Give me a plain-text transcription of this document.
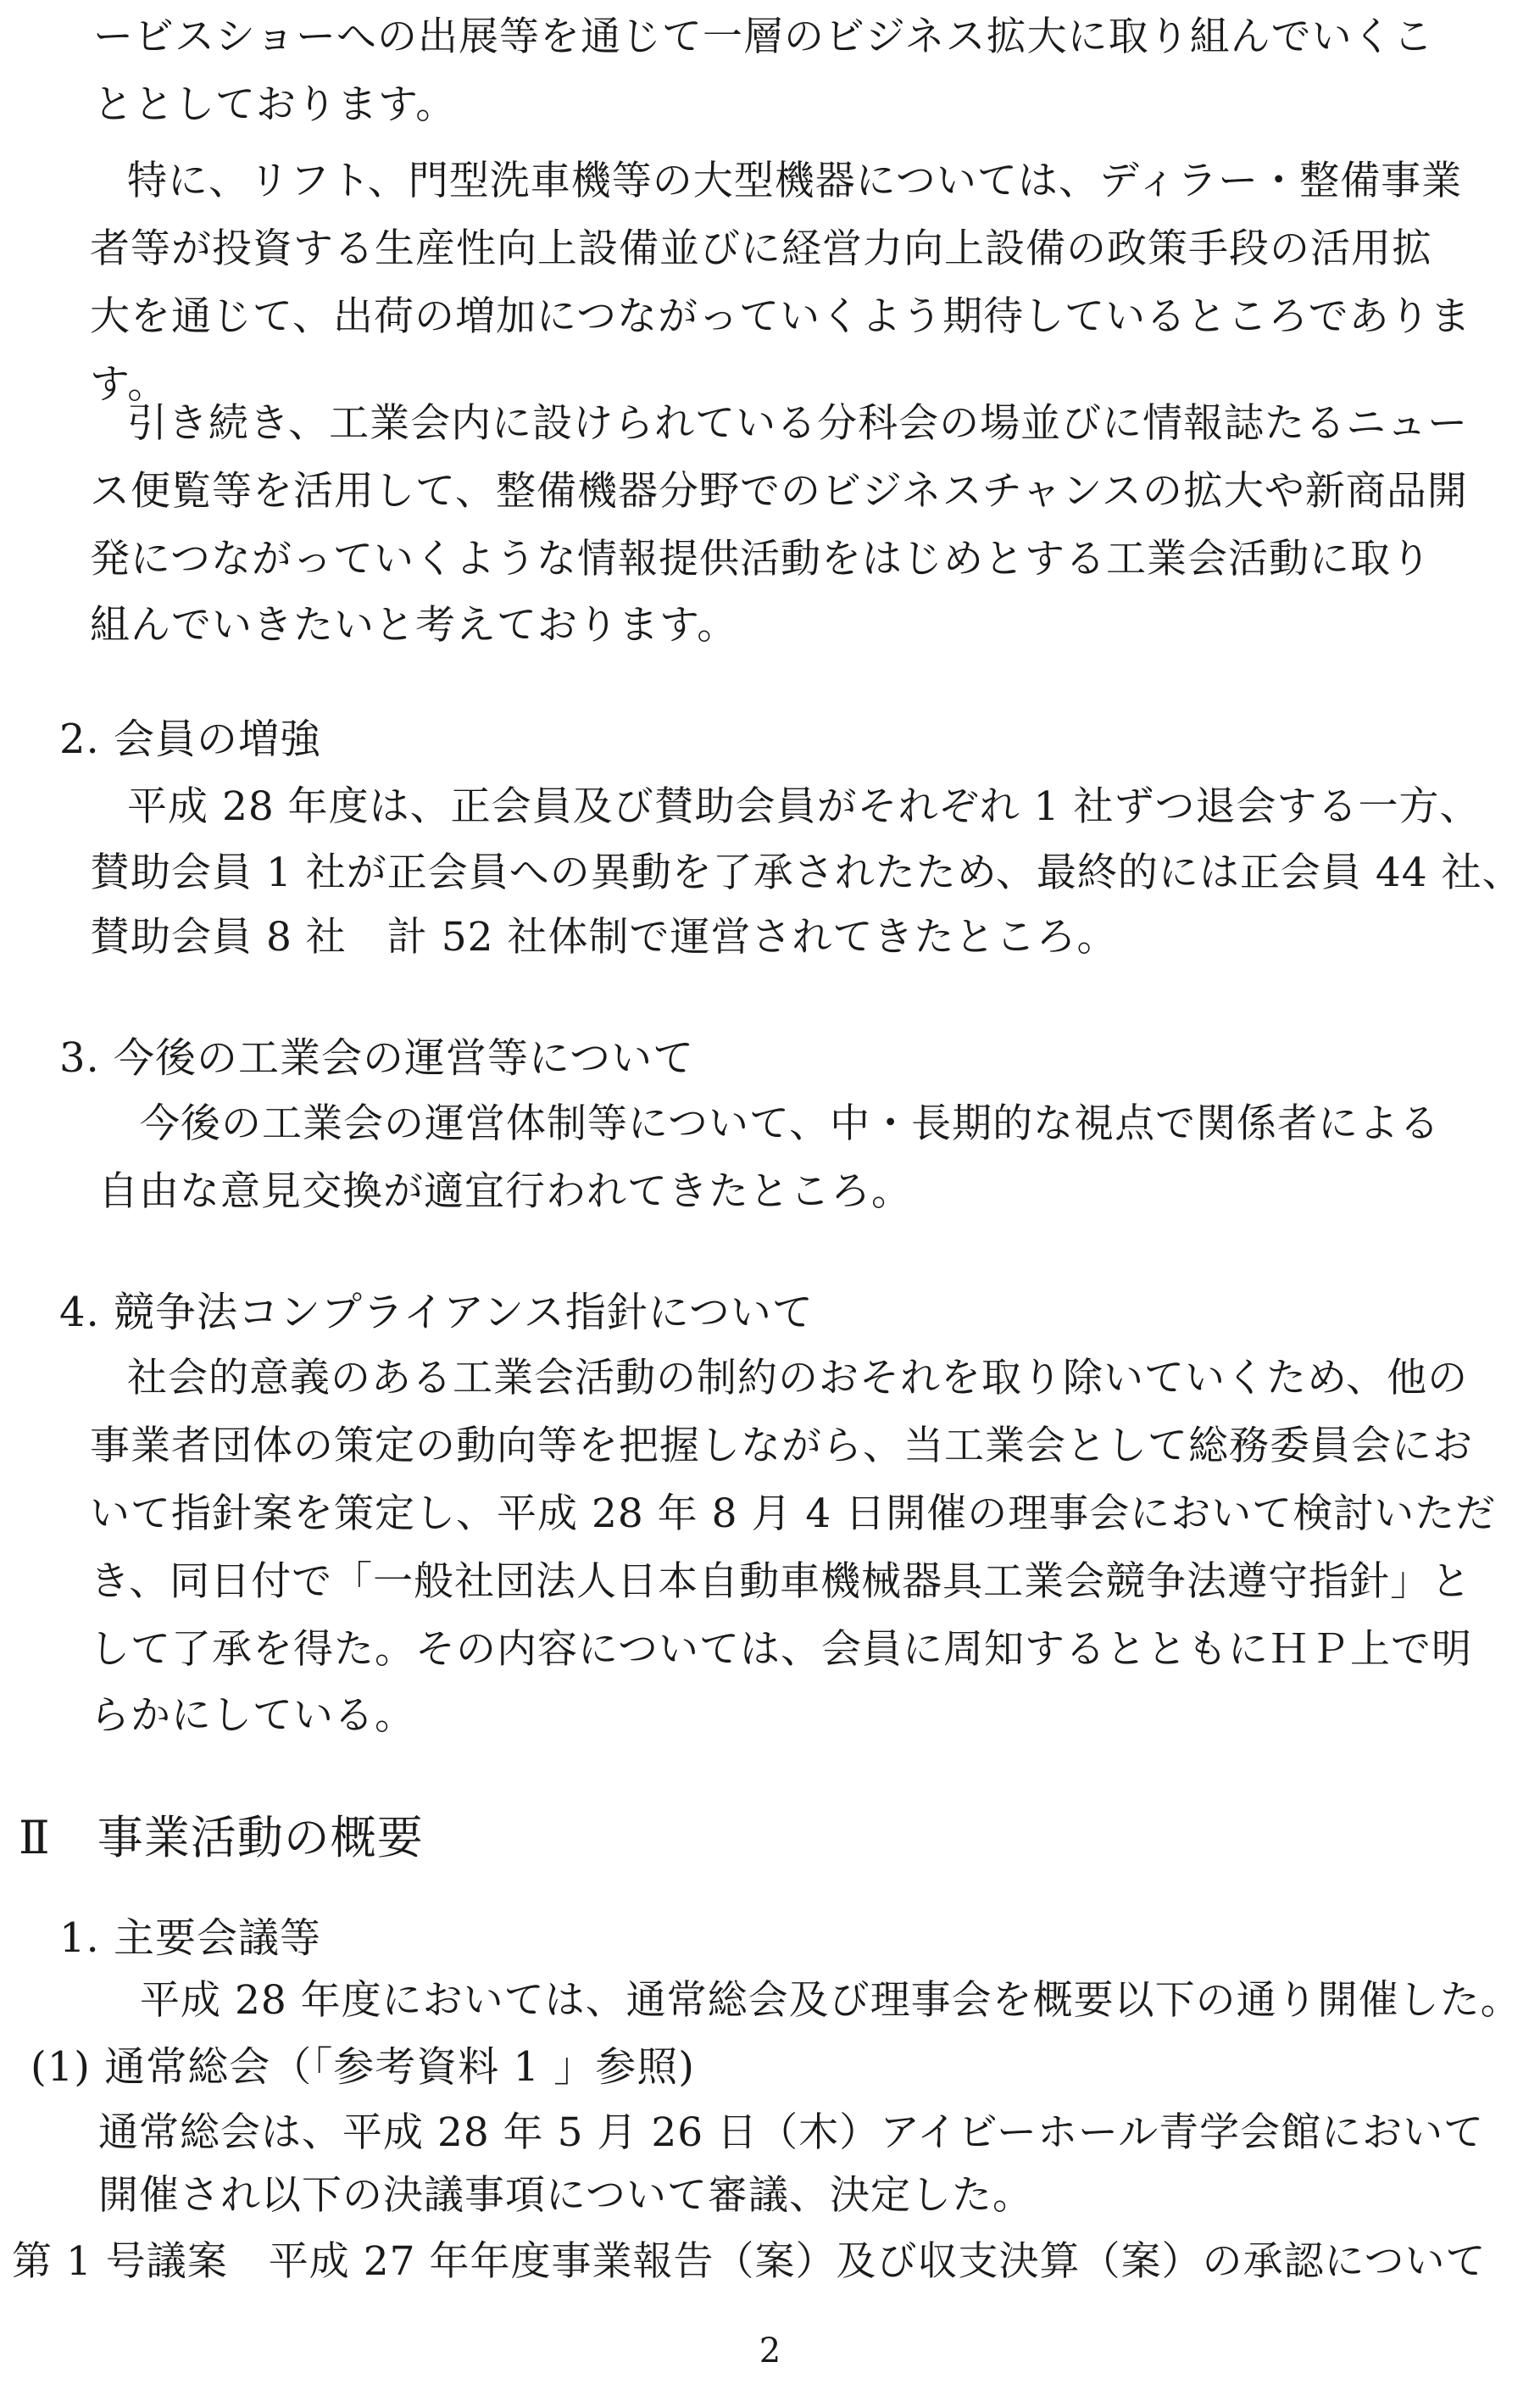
ービスショーへの出展等を通じて一層のビジネス拡大に取り組んでいくこ
ととしております。
特に、リフト、門型洗車機等の大型機器については、ディラー・整備事業
者等が投資する生産性向上設備並びに経営力向上設備の政策手段の活用拡
大を通じて、出荷の増加につながっていくよう期待しているところでありま
す。
引き続き、工業会内に設けられている分科会の場並びに情報誌たるニュー
ス便覧等を活用して、整備機器分野でのビジネスチャンスの拡大や新商品開
発につながっていくような情報提供活動をはじめとする工業会活動に取り
組んでいきたいと考えております。
2. 会員の増強
平成 28 年度は、正会員及び賛助会員がそれぞれ 1 社ずつ退会する一方、
賛助会員 1 社が正会員への異動を了承されたため、最終的には正会員 44 社、
賛助会員 8 社　計 52 社体制で運営されてきたところ。
3. 今後の工業会の運営等について
今後の工業会の運営体制等について、中・長期的な視点で関係者による
自由な意見交換が適宜行われてきたところ。
4. 競争法コンプライアンス指針について
社会的意義のある工業会活動の制約のおそれを取り除いていくため、他の
事業者団体の策定の動向等を把握しながら、当工業会として総務委員会にお
いて指針案を策定し、平成 28 年 8 月 4 日開催の理事会において検討いただ
き、同日付で「一般社団法人日本自動車機械器具工業会競争法遵守指針」と
して了承を得た。その内容については、会員に周知するとともにＨＰ上で明
らかにしている。
Ⅱ　事業活動の概要
1. 主要会議等
平成 28 年度においては、通常総会及び理事会を概要以下の通り開催した。
(1) 通常総会（「参考資料 1 」参照)
通常総会は、平成 28 年 5 月 26 日（木）アイビーホール青学会館において
開催され以下の決議事項について審議、決定した。
第 1 号議案　平成 27 年年度事業報告（案）及び収支決算（案）の承認について
2
